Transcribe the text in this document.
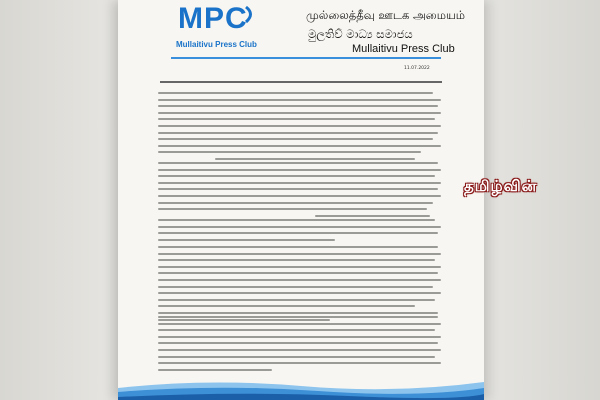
MPC
Mullaitivu Press Club
முல்லைத்தீவு ஊடக அமையம்
මුලතිව් මාධ්‍ය සමාජය
Mullaitivu Press Club
11.07.2022
தமிழ்வின்
